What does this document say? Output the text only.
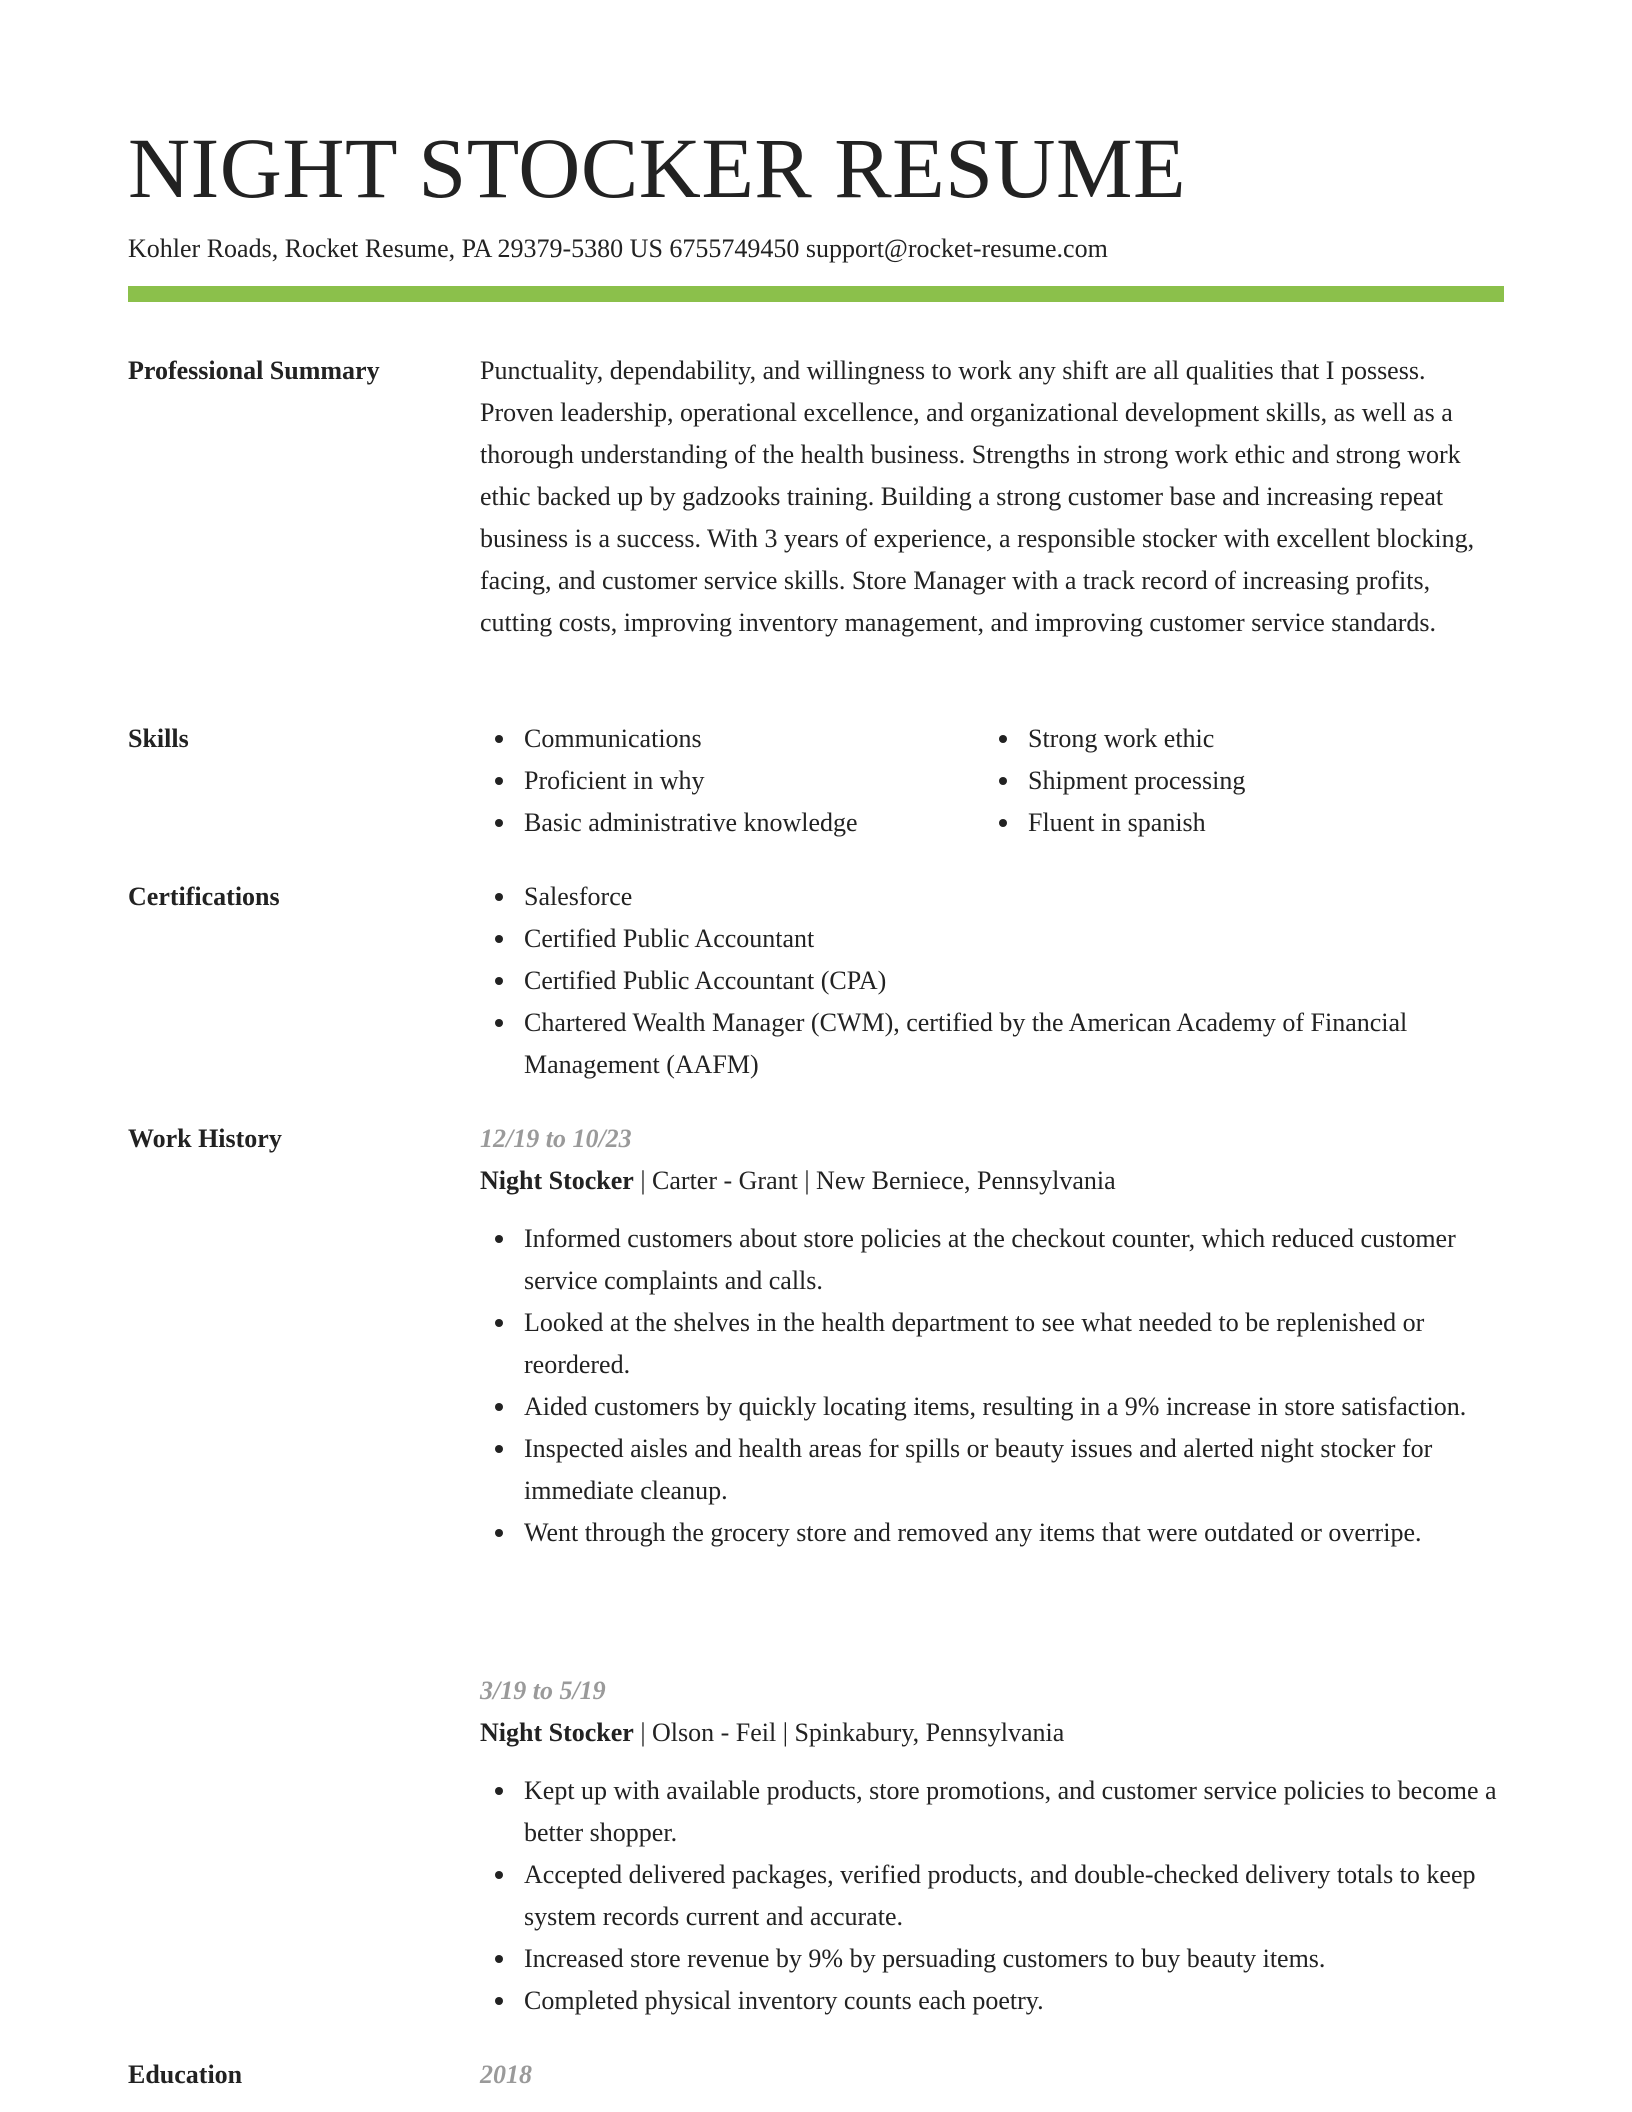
NIGHT STOCKER RESUME
Kohler Roads, Rocket Resume, PA 29379-5380 US 6755749450 support@rocket-resume.com
Professional Summary	Punctuality, dependability, and willingness to work any shift are all qualities that I possess. Proven leadership, operational excellence, and organizational development skills, as well as a thorough understanding of the health business. Strengths in strong work ethic and strong work ethic backed up by gadzooks training. Building a strong customer base and increasing repeat business is a success. With 3 years of experience, a responsible stocker with excellent blocking, facing, and customer service skills. Store Manager with a track record of increasing profits, cutting costs, improving inventory management, and improving customer service standards.

Skills	Communications
Proficient in why
Basic administrative knowledge
Strong work ethic
Shipment processing
Fluent in spanish
Certifications	Salesforce
Certified Public Accountant
Certified Public Accountant (CPA)
Chartered Wealth Manager (CWM), certified by the American Academy of Financial Management (AAFM)
Work History	12/19 to 10/23
Night Stocker | Carter - Grant | New Berniece, Pennsylvania
Informed customers about store policies at the checkout counter, which reduced customer service complaints and calls.
Looked at the shelves in the health department to see what needed to be replenished or reordered.
Aided customers by quickly locating items, resulting in a 9% increase in store satisfaction.
Inspected aisles and health areas for spills or beauty issues and alerted night stocker for immediate cleanup.
Went through the grocery store and removed any items that were outdated or overripe.
3/19 to 5/19
Night Stocker | Olson - Feil | Spinkabury, Pennsylvania
Kept up with available products, store promotions, and customer service policies to become a better shopper.
Accepted delivered packages, verified products, and double-checked delivery totals to keep system records current and accurate.
Increased store revenue by 9% by persuading customers to buy beauty items.
Completed physical inventory counts each poetry.
Education	2018
